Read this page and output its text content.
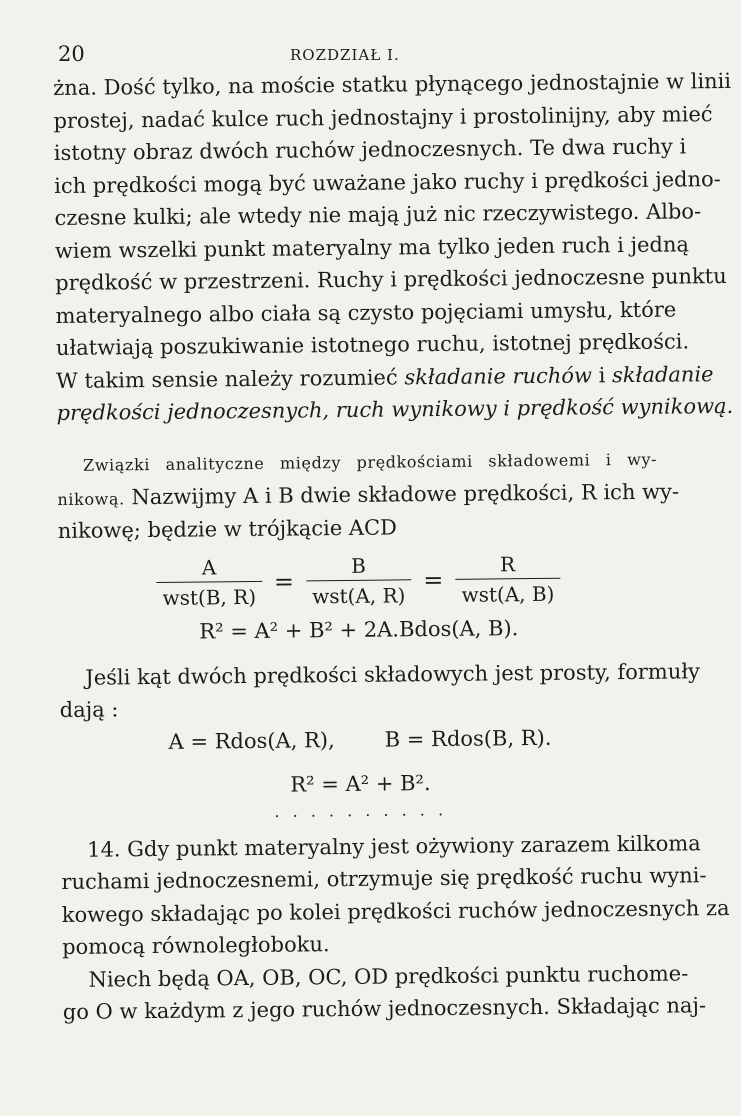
20	ROZDZIAŁ I.
żna. Dość tylko, na moście statku płynącego jednostajnie w linii
prostej, nadać kulce ruch jednostajny i prostolinijny, aby mieć
istotny obraz dwóch ruchów jednoczesnych. Te dwa ruchy i
ich prędkości mogą być uważane jako ruchy i prędkości jedno-
czesne kulki; ale wtedy nie mają już nic rzeczywistego. Albo-
wiem wszelki punkt materyalny ma tylko jeden ruch i jedną
prędkość w przestrzeni. Ruchy i prędkości jednoczesne punktu
materyalnego albo ciała są czysto pojęciami umysłu, które
ułatwiają poszukiwanie istotnego ruchu, istotnej prędkości.
W takim sensie należy rozumieć składanie ruchów i składanie
prędkości jednoczesnych, ruch wynikowy i prędkość wynikową.
Związki analityczne między prędkościami składowemi i wy-
nikową. Nazwijmy A i B dwie składowe prędkości, R ich wy-
nikowę; będzie w trójkącie ACD
$\frac{A}{\text{wst(B, R)}} = \frac{B}{\text{wst(A, R)}} = \frac{R}{\text{wst(A, B)}}$
R² = A² + B² + 2A.Bdos(A, B).
Jeśli kąt dwóch prędkości składowych jest prosty, formuły
dają :
A = Rdos(A, R), B = Rdos(B, R).
R² = A² + B².
· · · · · · · · · ·
14. Gdy punkt materyalny jest ożywiony zarazem kilkoma
ruchami jednoczesnemi, otrzymuje się prędkość ruchu wyni-
kowego składając po kolei prędkości ruchów jednoczesnych za
pomocą równoległoboku.
Niech będą OA, OB, OC, OD prędkości punktu ruchome-
go O w każdym z jego ruchów jednoczesnych. Składając naj-
